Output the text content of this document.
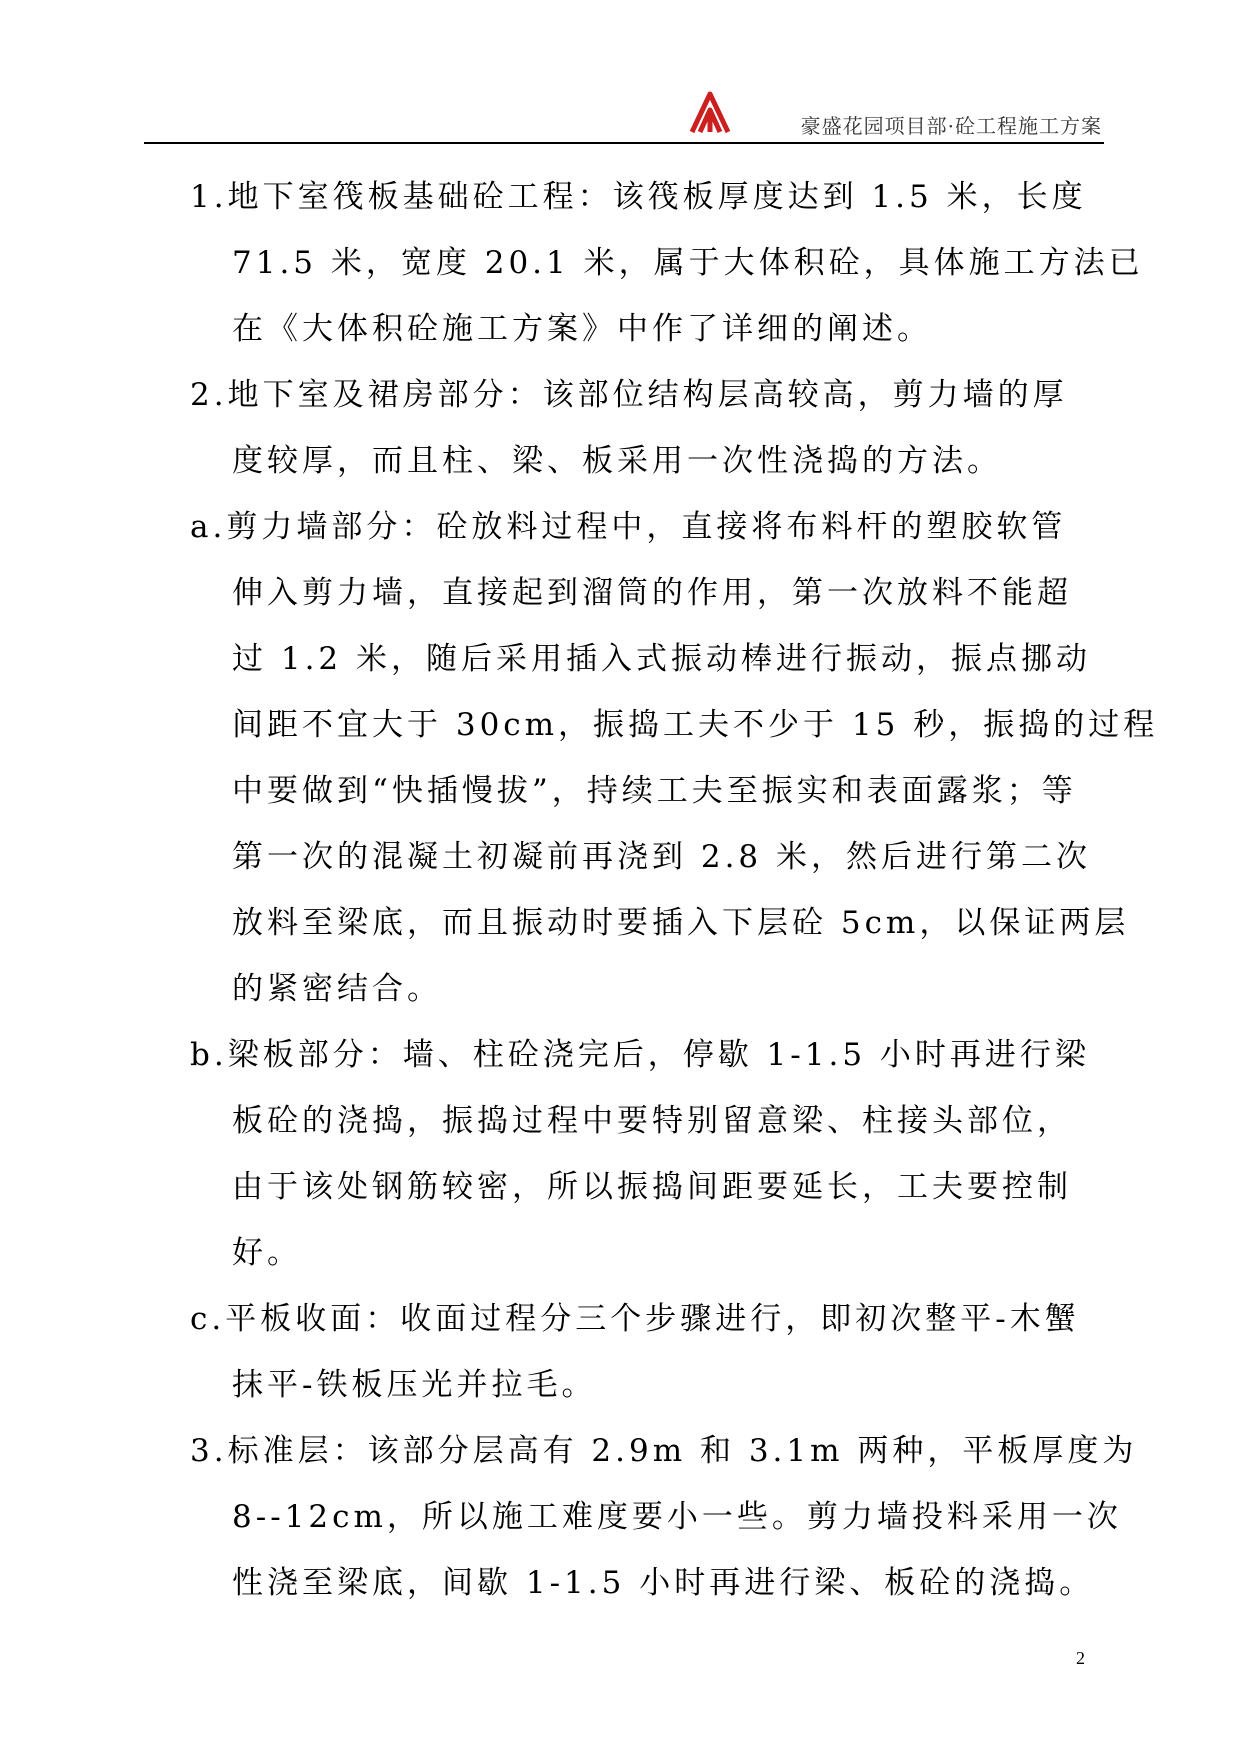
豪盛花园项目部·砼工程施工方案
1.地下室筏板基础砼工程：该筏板厚度达到 1.5 米，长度
71.5 米，宽度 20.1 米，属于大体积砼，具体施工方法已
在《大体积砼施工方案》中作了详细的阐述。
2.地下室及裙房部分：该部位结构层高较高，剪力墙的厚
度较厚，而且柱、梁、板采用一次性浇捣的方法。
a.剪力墙部分：砼放料过程中，直接将布料杆的塑胶软管
伸入剪力墙，直接起到溜筒的作用，第一次放料不能超
过 1.2 米，随后采用插入式振动棒进行振动，振点挪动
间距不宜大于 30cm，振捣工夫不少于 15 秒，振捣的过程
中要做到“快插慢拔”，持续工夫至振实和表面露浆；等
第一次的混凝土初凝前再浇到 2.8 米，然后进行第二次
放料至梁底，而且振动时要插入下层砼 5cm，以保证两层
的紧密结合。
b.梁板部分：墙、柱砼浇完后，停歇 1-1.5 小时再进行梁
板砼的浇捣，振捣过程中要特别留意梁、柱接头部位，
由于该处钢筋较密，所以振捣间距要延长，工夫要控制
好。
c.平板收面：收面过程分三个步骤进行，即初次整平-木蟹
抹平-铁板压光并拉毛。
3.标准层：该部分层高有 2.9m 和 3.1m 两种，平板厚度为
8--12cm，所以施工难度要小一些。剪力墙投料采用一次
性浇至梁底，间歇 1-1.5 小时再进行梁、板砼的浇捣。
2
